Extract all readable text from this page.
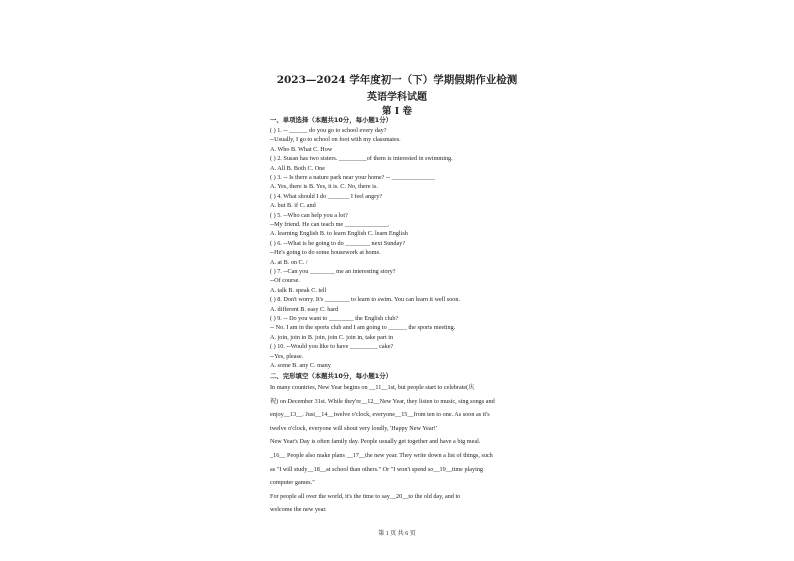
2023—2024 学年度初一（下）学期假期作业检测
英语学科试题
第 I 卷
一、单项选择（本题共10分，每小题1分）
( ) 1. -- ______ do you go to school every day?
--Usually, I go to school on foot with my classmates.
A. Who B. What C. How
( ) 2. Susan has two sisters. _________of them is interested in swimming.
A. All B. Both C. One
( ) 3. -- Is there a nature park near your home? -- ______________
A. Yes, there is B. Yes, it is. C. No, there is.
( ) 4. What should I do _______ I feel angry?
A. but B. if C. and
( ) 5. --Who can help you a lot?
--My friend. He can teach me ______________.
A. learning English B. to learn English C. learn English
( ) 6. --What is he going to do ________ next Sunday?
--He's going to do some housework at home.
A. at B. on C. /
( ) 7. --Can you ________ me an interesting story?
--Of course.
A. talk B. speak C. tell
( ) 8. Don't worry. It's ________ to learn to swim. You can learn it well soon.
A. different B. easy C. hard
( ) 9. -- Do you want to ________ the English club?
-- No. I am in the sports club and I am going to ______ the sports meeting.
A. join, join in B. join, join C. join in, take part in
( ) 10. --Would you like to have _________ cake?
--Yes, please.
A. some B. any C. many
二、完形填空（本题共10分，每小题1分）
In many countries, New Year begins on __11__1st, but people start to celebrate(庆
祝) on December 31st. While they're__12__New Year, they listen to music, sing songs and
enjoy__13__. Just__14__twelve o'clock, everyone__15__from ten to one. As soon as it's
twelve o'clock, everyone will shout very loudly, 'Happy New Year!'
New Year's Day is often family day. People usually get together and have a big meal.
_16__ People also make plans __17__the new year. They write down a list of things, such
as "I will study__18__at school than others." Or "I won't spend so__19__time playing
computer games."
For people all over the world, it's the time to say__20__to the old day, and to
welcome the new year.
第 1 页 共 6 页
